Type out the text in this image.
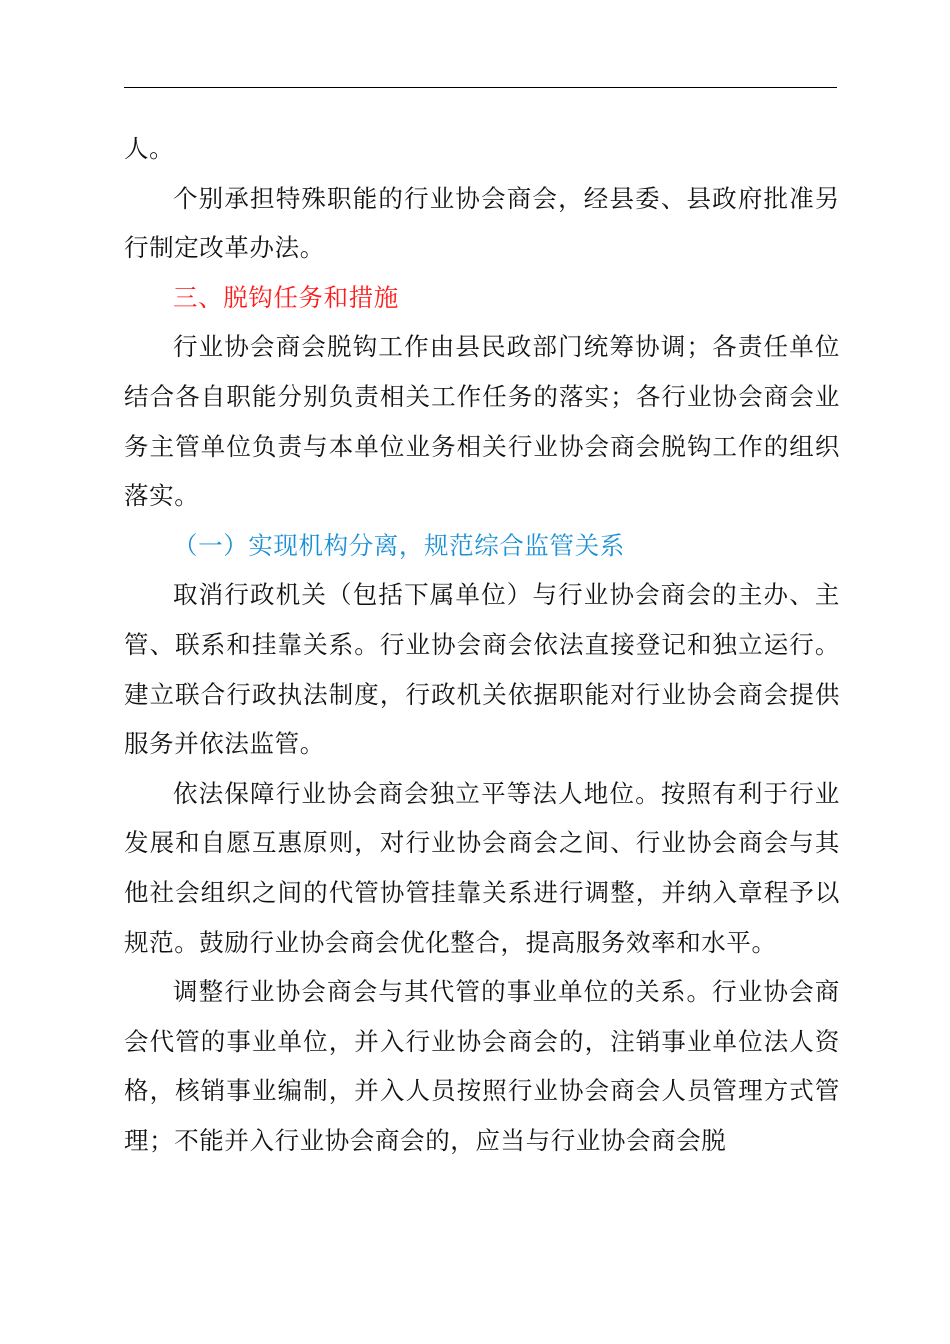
人。

个别承担特殊职能的行业协会商会，经县委、县政府批准另行制定改革办法。

三、脱钩任务和措施

行业协会商会脱钩工作由县民政部门统筹协调；各责任单位结合各自职能分别负责相关工作任务的落实；各行业协会商会业务主管单位负责与本单位业务相关行业协会商会脱钩工作的组织落实。

（一）实现机构分离，规范综合监管关系

取消行政机关（包括下属单位）与行业协会商会的主办、主管、联系和挂靠关系。行业协会商会依法直接登记和独立运行。建立联合行政执法制度，行政机关依据职能对行业协会商会提供服务并依法监管。

依法保障行业协会商会独立平等法人地位。按照有利于行业发展和自愿互惠原则，对行业协会商会之间、行业协会商会与其他社会组织之间的代管协管挂靠关系进行调整，并纳入章程予以规范。鼓励行业协会商会优化整合，提高服务效率和水平。

调整行业协会商会与其代管的事业单位的关系。行业协会商会代管的事业单位，并入行业协会商会的，注销事业单位法人资格，核销事业编制，并入人员按照行业协会商会人员管理方式管理；不能并入行业协会商会的，应当与行业协会商会脱
